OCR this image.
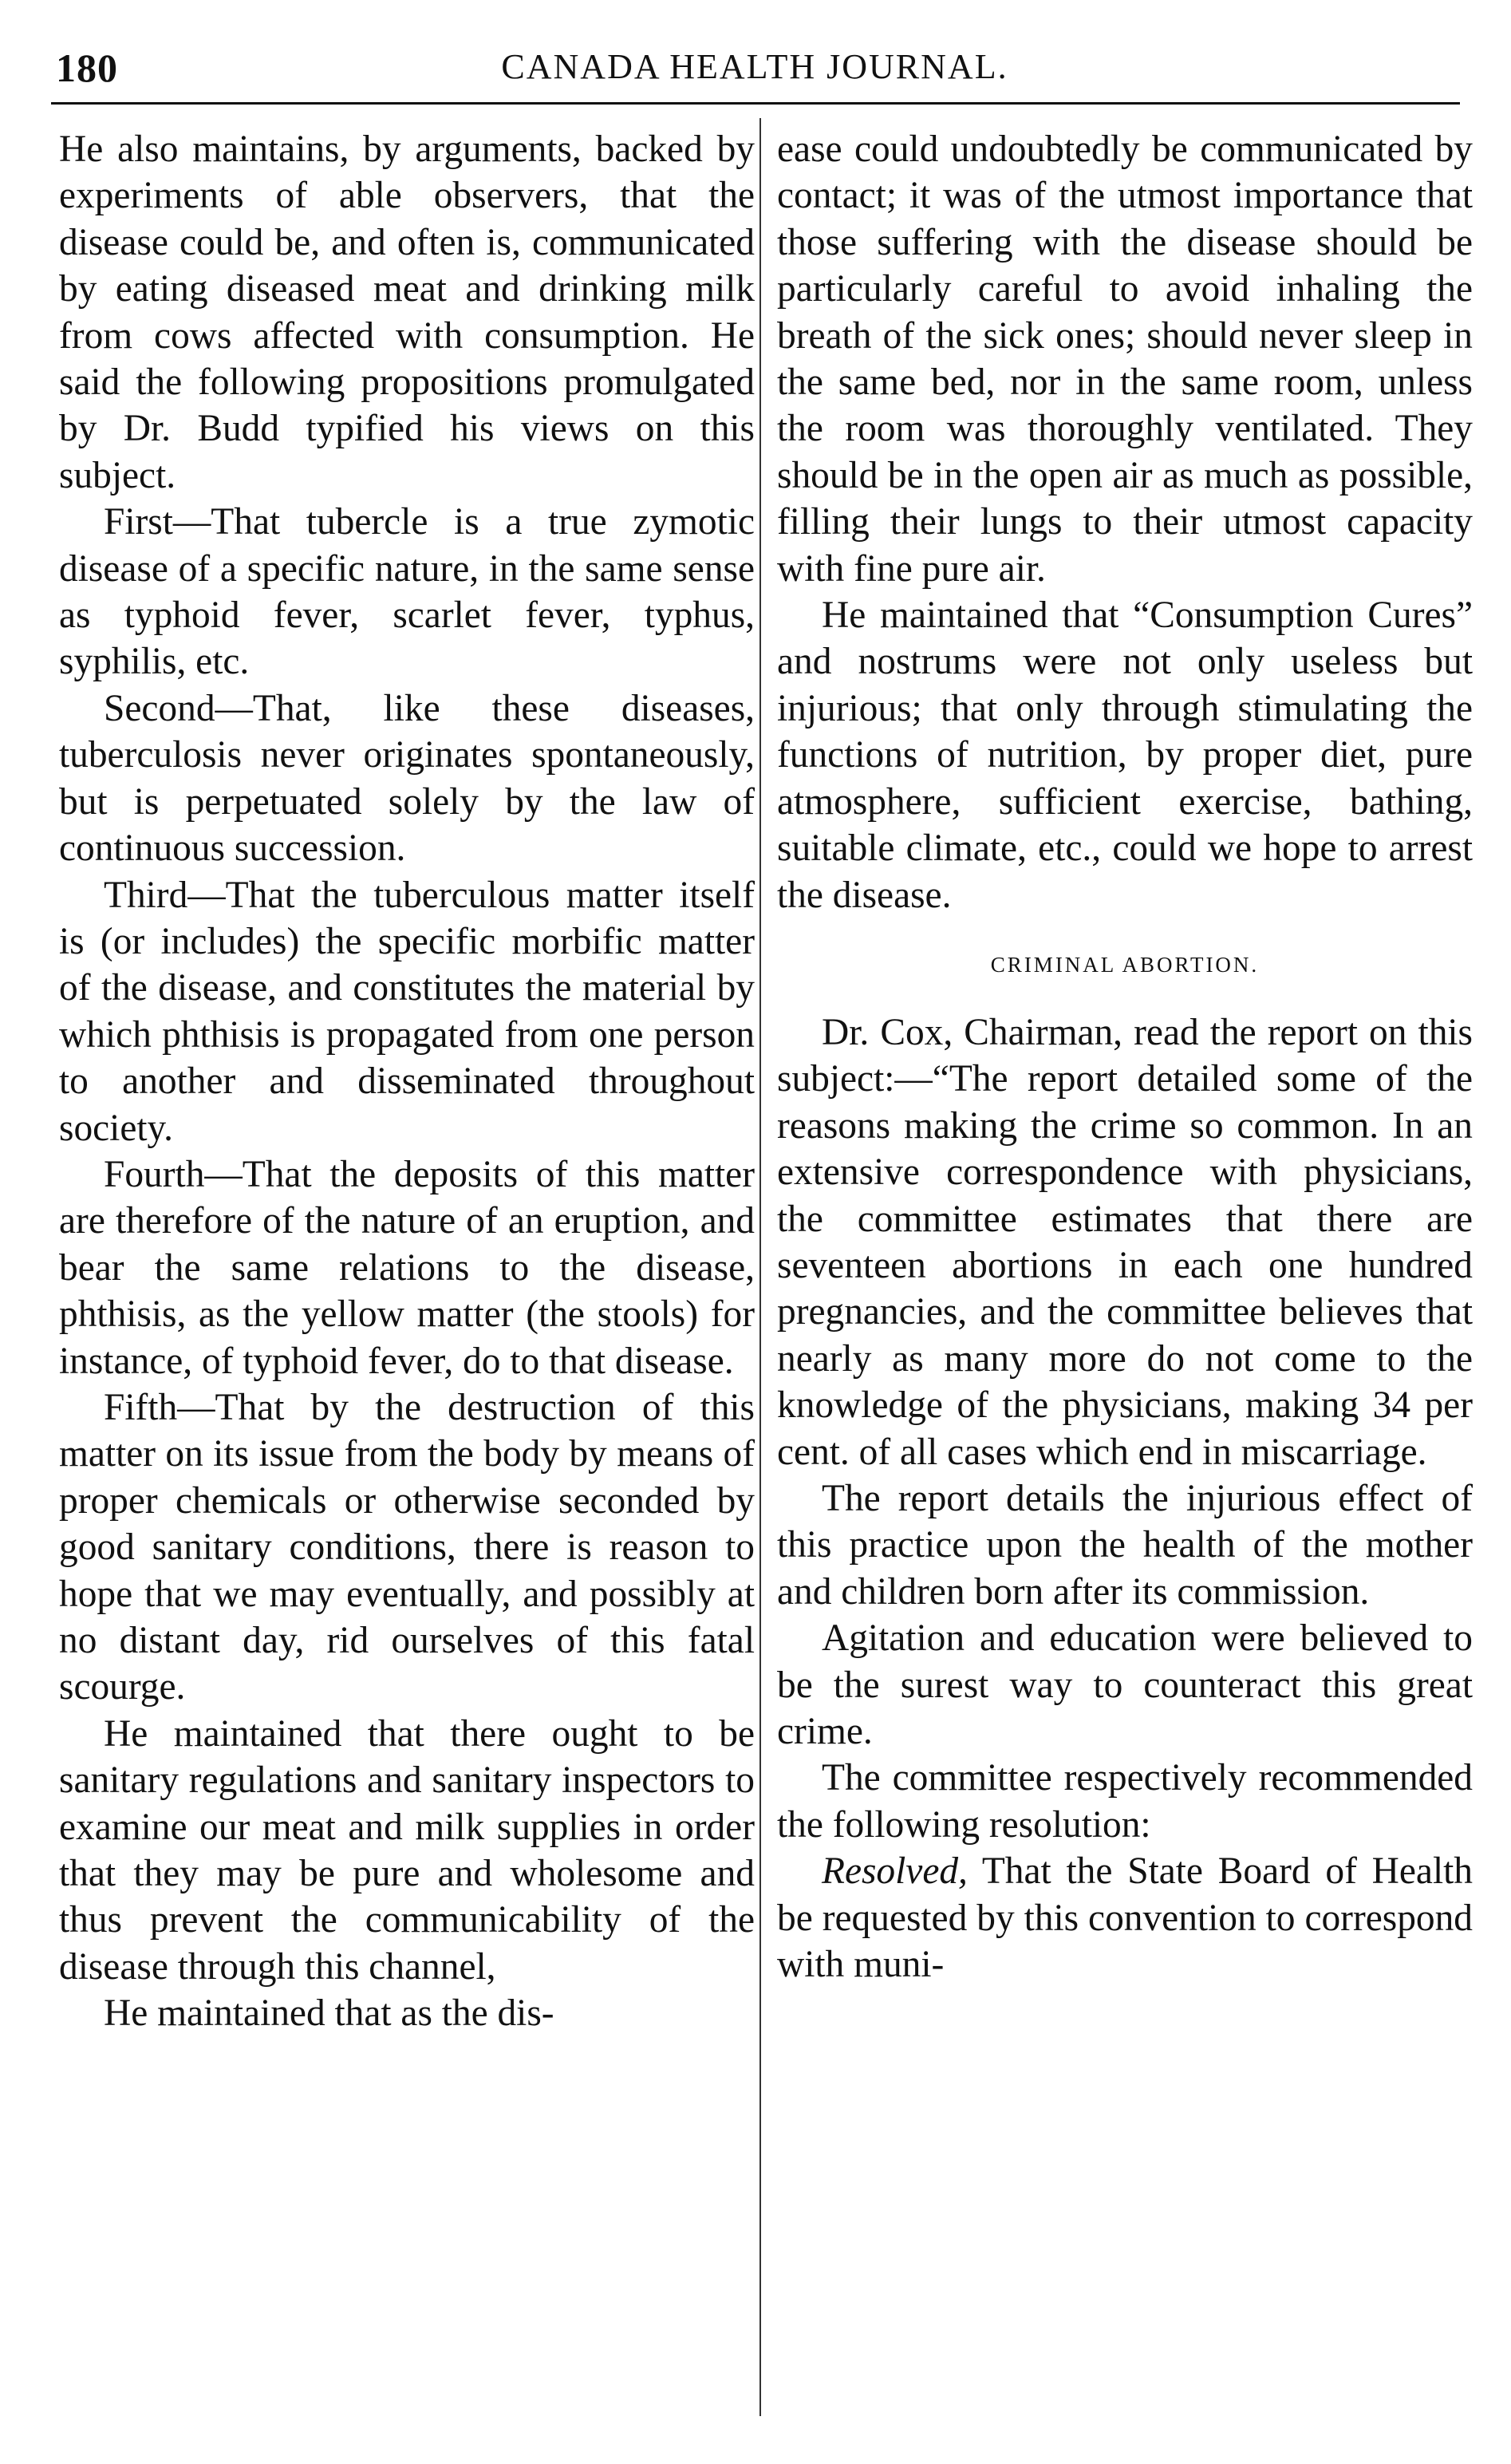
180	CANADA HEALTH JOURNAL.

He also maintains, by arguments, backed by experiments of able observers, that the disease could be, and often is, communicated by eating diseased meat and drinking milk from cows affected with consumption. He said the following propositions promulgated by Dr. Budd typified his views on this subject.

First—That tubercle is a true zymotic disease of a specific nature, in the same sense as typhoid fever, scarlet fever, typhus, syphilis, etc.

Second—That, like these diseases, tuberculosis never originates spontaneously, but is perpetuated solely by the law of continuous succession.

Third—That the tuberculous matter itself is (or includes) the specific morbific matter of the disease, and constitutes the material by which phthisis is propagated from one person to another and disseminated throughout society.

Fourth—That the deposits of this matter are therefore of the nature of an eruption, and bear the same relations to the disease, phthisis, as the yellow matter (the stools) for instance, of typhoid fever, do to that disease.

Fifth—That by the destruction of this matter on its issue from the body by means of proper chemicals or otherwise seconded by good sanitary conditions, there is reason to hope that we may eventually, and possibly at no distant day, rid ourselves of this fatal scourge.

He maintained that there ought to be sanitary regulations and sanitary inspectors to examine our meat and milk supplies in order that they may be pure and wholesome and thus prevent the communicability of the disease through this channel,

He maintained that as the dis-

ease could undoubtedly be communicated by contact; it was of the utmost importance that those suffering with the disease should be particularly careful to avoid inhaling the breath of the sick ones; should never sleep in the same bed, nor in the same room, unless the room was thoroughly ventilated. They should be in the open air as much as possible, filling their lungs to their utmost capacity with fine pure air.

He maintained that “Consumption Cures” and nostrums were not only useless but injurious; that only through stimulating the functions of nutrition, by proper diet, pure atmosphere, sufficient exercise, bathing, suitable climate, etc., could we hope to arrest the disease.

CRIMINAL ABORTION.

Dr. Cox, Chairman, read the report on this subject:—“The report detailed some of the reasons making the crime so common. In an extensive correspondence with physicians, the committee estimates that there are seventeen abortions in each one hundred pregnancies, and the committee believes that nearly as many more do not come to the knowledge of the physicians, making 34 per cent. of all cases which end in miscarriage.

The report details the injurious effect of this practice upon the health of the mother and children born after its commission.

Agitation and education were believed to be the surest way to counteract this great crime.

The committee respectively recommended the following resolution:

Resolved, That the State Board of Health be requested by this convention to correspond with muni-
